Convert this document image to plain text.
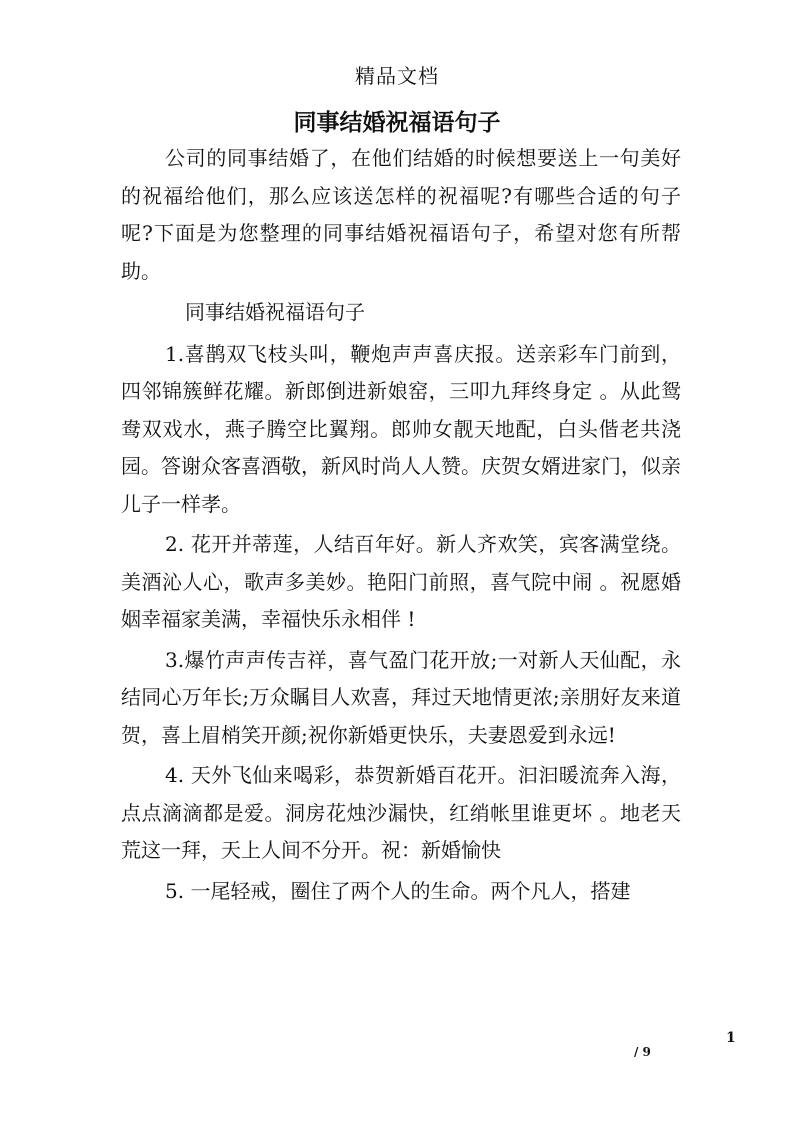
精品文档
同事结婚祝福语句子

公司的同事结婚了，在他们结婚的时候想要送上一句美好的祝福给他们，那么应该送怎样的祝福呢?有哪些合适的句子呢?下面是为您整理的同事结婚祝福语句子，希望对您有所帮助。

同事结婚祝福语句子

1.喜鹊双飞枝头叫，鞭炮声声喜庆报。送亲彩车门前到，四邻锦簇鲜花耀。新郎倒进新娘窑，三叩九拜终身定 。从此鸳鸯双戏水，燕子腾空比翼翔。郎帅女靓天地配，白头偕老共浇园。答谢众客喜酒敬，新风时尚人人赞。庆贺女婿进家门，似亲儿子一样孝。

2. 花开并蒂莲，人结百年好。新人齐欢笑，宾客满堂绕。美酒沁人心，歌声多美妙。艳阳门前照，喜气院中闹 。祝愿婚姻幸福家美满，幸福快乐永相伴 !

3.爆竹声声传吉祥，喜气盈门花开放;一对新人天仙配，永结同心万年长;万众瞩目人欢喜，拜过天地情更浓;亲朋好友来道贺，喜上眉梢笑开颜;祝你新婚更快乐，夫妻恩爱到永远!

4. 天外飞仙来喝彩，恭贺新婚百花开。汩汩暖流奔入海，点点滴滴都是爱。洞房花烛沙漏快，红绡帐里谁更坏 。地老天荒这一拜，天上人间不分开。祝：新婚愉快

5. 一尾轻戒，圈住了两个人的生命。两个凡人，搭建

1
/ 9
